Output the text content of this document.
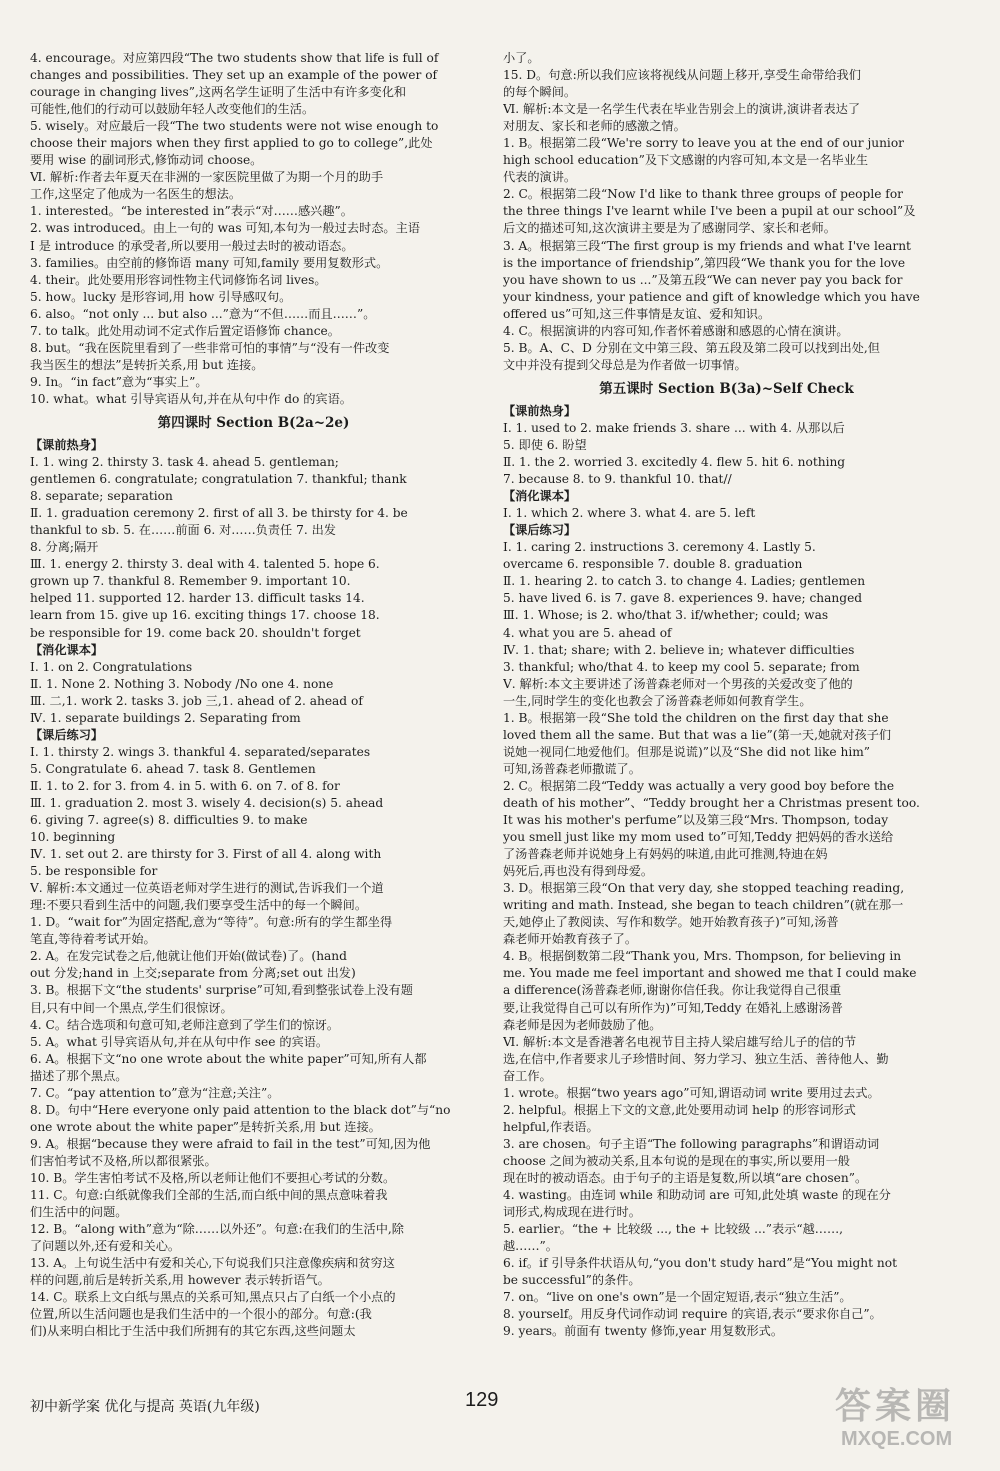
4. encourage。对应第四段“The two students show that life is full of
changes and possibilities. They set up an example of the power of
courage in changing lives”,这两名学生证明了生活中有许多变化和
可能性,他们的行动可以鼓励年轻人改变他们的生活。
5. wisely。对应最后一段“The two students were not wise enough to
choose their majors when they first applied to go to college”,此处
要用 wise 的副词形式,修饰动词 choose。
Ⅵ. 解析:作者去年夏天在非洲的一家医院里做了为期一个月的助手
工作,这坚定了他成为一名医生的想法。
1. interested。“be interested in”表示“对……感兴趣”。
2. was introduced。由上一句的 was 可知,本句为一般过去时态。主语
I 是 introduce 的承受者,所以要用一般过去时的被动语态。
3. families。由空前的修饰语 many 可知,family 要用复数形式。
4. their。此处要用形容词性物主代词修饰名词 lives。
5. how。lucky 是形容词,用 how 引导感叹句。
6. also。“not only ... but also ...”意为“不但……而且……”。
7. to talk。此处用动词不定式作后置定语修饰 chance。
8. but。“我在医院里看到了一些非常可怕的事情”与“没有一件改变
我当医生的想法”是转折关系,用 but 连接。
9. In。“in fact”意为“事实上”。
10. what。what 引导宾语从句,并在从句中作 do 的宾语。
第四课时 Section B(2a~2e)
【课前热身】
Ⅰ. 1. wing 2. thirsty 3. task 4. ahead 5. gentleman;
gentlemen 6. congratulate; congratulation 7. thankful; thank
8. separate; separation
Ⅱ. 1. graduation ceremony 2. first of all 3. be thirsty for 4. be
thankful to sb. 5. 在……前面 6. 对……负责任 7. 出发
8. 分离;隔开
Ⅲ. 1. energy 2. thirsty 3. deal with 4. talented 5. hope 6.
grown up 7. thankful 8. Remember 9. important 10.
helped 11. supported 12. harder 13. difficult tasks 14.
learn from 15. give up 16. exciting things 17. choose 18.
be responsible for 19. come back 20. shouldn't forget
【消化课本】
Ⅰ. 1. on 2. Congratulations
Ⅱ. 1. None 2. Nothing 3. Nobody /No one 4. none
Ⅲ. 二,1. work 2. tasks 3. job 三,1. ahead of 2. ahead of
Ⅳ. 1. separate buildings 2. Separating from
【课后练习】
Ⅰ. 1. thirsty 2. wings 3. thankful 4. separated/separates
5. Congratulate 6. ahead 7. task 8. Gentlemen
Ⅱ. 1. to 2. for 3. from 4. in 5. with 6. on 7. of 8. for
Ⅲ. 1. graduation 2. most 3. wisely 4. decision(s) 5. ahead
6. giving 7. agree(s) 8. difficulties 9. to make
10. beginning
Ⅳ. 1. set out 2. are thirsty for 3. First of all 4. along with
5. be responsible for
Ⅴ. 解析:本文通过一位英语老师对学生进行的测试,告诉我们一个道
理:不要只看到生活中的问题,我们要享受生活中的每一个瞬间。
1. D。“wait for”为固定搭配,意为“等待”。句意:所有的学生都坐得
笔直,等待着考试开始。
2. A。在发完试卷之后,他就让他们开始(做试卷)了。(hand
out 分发;hand in 上交;separate from 分离;set out 出发)
3. B。根据下文“the students' surprise”可知,看到整张试卷上没有题
目,只有中间一个黑点,学生们很惊讶。
4. C。结合选项和句意可知,老师注意到了学生们的惊讶。
5. A。what 引导宾语从句,并在从句中作 see 的宾语。
6. A。根据下文“no one wrote about the white paper”可知,所有人都
描述了那个黑点。
7. C。“pay attention to”意为“注意;关注”。
8. D。句中“Here everyone only paid attention to the black dot”与“no
one wrote about the white paper”是转折关系,用 but 连接。
9. A。根据“because they were afraid to fail in the test”可知,因为他
们害怕考试不及格,所以都很紧张。
10. B。学生害怕考试不及格,所以老师让他们不要担心考试的分数。
11. C。句意:白纸就像我们全部的生活,而白纸中间的黑点意味着我
们生活中的问题。
12. B。“along with”意为“除……以外还”。句意:在我们的生活中,除
了问题以外,还有爱和关心。
13. A。上句说生活中有爱和关心,下句说我们只注意像疾病和贫穷这
样的问题,前后是转折关系,用 however 表示转折语气。
14. C。联系上文白纸与黑点的关系可知,黑点只占了白纸一个小点的
位置,所以生活问题也是我们生活中的一个很小的部分。句意:(我
们)从来明白相比于生活中我们所拥有的其它东西,这些问题太
小了。
15. D。句意:所以我们应该将视线从问题上移开,享受生命带给我们
的每个瞬间。
Ⅵ. 解析:本文是一名学生代表在毕业告别会上的演讲,演讲者表达了
对朋友、家长和老师的感激之情。
1. B。根据第二段“We're sorry to leave you at the end of our junior
high school education”及下文感谢的内容可知,本文是一名毕业生
代表的演讲。
2. C。根据第二段“Now I'd like to thank three groups of people for
the three things I've learnt while I've been a pupil at our school”及
后文的描述可知,这次演讲主要是为了感谢同学、家长和老师。
3. A。根据第三段“The first group is my friends and what I've learnt
is the importance of friendship”,第四段“We thank you for the love
you have shown to us ...”及第五段“We can never pay you back for
your kindness, your patience and gift of knowledge which you have
offered us”可知,这三件事情是友谊、爱和知识。
4. C。根据演讲的内容可知,作者怀着感谢和感恩的心情在演讲。
5. B。A、C、D 分别在文中第三段、第五段及第二段可以找到出处,但
文中并没有提到父母总是为作者做一切事情。
第五课时 Section B(3a)~Self Check
【课前热身】
Ⅰ. 1. used to 2. make friends 3. share ... with 4. 从那以后
5. 即使 6. 盼望
Ⅱ. 1. the 2. worried 3. excitedly 4. flew 5. hit 6. nothing
7. because 8. to 9. thankful 10. that//
【消化课本】
Ⅰ. 1. which 2. where 3. what 4. are 5. left
【课后练习】
Ⅰ. 1. caring 2. instructions 3. ceremony 4. Lastly 5.
overcame 6. responsible 7. double 8. graduation
Ⅱ. 1. hearing 2. to catch 3. to change 4. Ladies; gentlemen
5. have lived 6. is 7. gave 8. experiences 9. have; changed
Ⅲ. 1. Whose; is 2. who/that 3. if/whether; could; was
4. what you are 5. ahead of
Ⅳ. 1. that; share; with 2. believe in; whatever difficulties
3. thankful; who/that 4. to keep my cool 5. separate; from
Ⅴ. 解析:本文主要讲述了汤普森老师对一个男孩的关爱改变了他的
一生,同时学生的变化也教会了汤普森老师如何教育学生。
1. B。根据第一段“She told the children on the first day that she
loved them all the same. But that was a lie”(第一天,她就对孩子们
说她一视同仁地爱他们。但那是说谎)”以及“She did not like him”
可知,汤普森老师撒谎了。
2. C。根据第二段“Teddy was actually a very good boy before the
death of his mother”、“Teddy brought her a Christmas present too.
It was his mother's perfume”以及第三段“Mrs. Thompson, today
you smell just like my mom used to”可知,Teddy 把妈妈的香水送给
了汤普森老师并说她身上有妈妈的味道,由此可推测,特迪在妈
妈死后,再也没有得到母爱。
3. D。根据第三段“On that very day, she stopped teaching reading,
writing and math. Instead, she began to teach children”(就在那一
天,她停止了教阅读、写作和数学。她开始教育孩子)”可知,汤普
森老师开始教育孩子了。
4. B。根据倒数第二段“Thank you, Mrs. Thompson, for believing in
me. You made me feel important and showed me that I could make
a difference(汤普森老师,谢谢你信任我。你让我觉得自己很重
要,让我觉得自己可以有所作为)”可知,Teddy 在婚礼上感谢汤普
森老师是因为老师鼓励了他。
Ⅵ. 解析:本文是香港著名电视节目主持人梁启雄写给儿子的信的节
选,在信中,作者要求儿子珍惜时间、努力学习、独立生活、善待他人、勤
奋工作。
1. wrote。根据“two years ago”可知,谓语动词 write 要用过去式。
2. helpful。根据上下文的文意,此处要用动词 help 的形容词形式
helpful,作表语。
3. are chosen。句子主语“The following paragraphs”和谓语动词
choose 之间为被动关系,且本句说的是现在的事实,所以要用一般
现在时的被动语态。由于句子的主语是复数,所以填“are chosen”。
4. wasting。由连词 while 和助动词 are 可知,此处填 waste 的现在分
词形式,构成现在进行时。
5. earlier。“the + 比较级 ..., the + 比较级 ...”表示“越……,
越……”。
6. if。if 引导条件状语从句,“you don't study hard”是“You might not
be successful”的条件。
7. on。“live on one's own”是一个固定短语,表示“独立生活”。
8. yourself。用反身代词作动词 require 的宾语,表示“要求你自己”。
9. years。前面有 twenty 修饰,year 用复数形式。
初中新学案 优化与提高 英语(九年级)	129	答案圈
MXQE.COM
